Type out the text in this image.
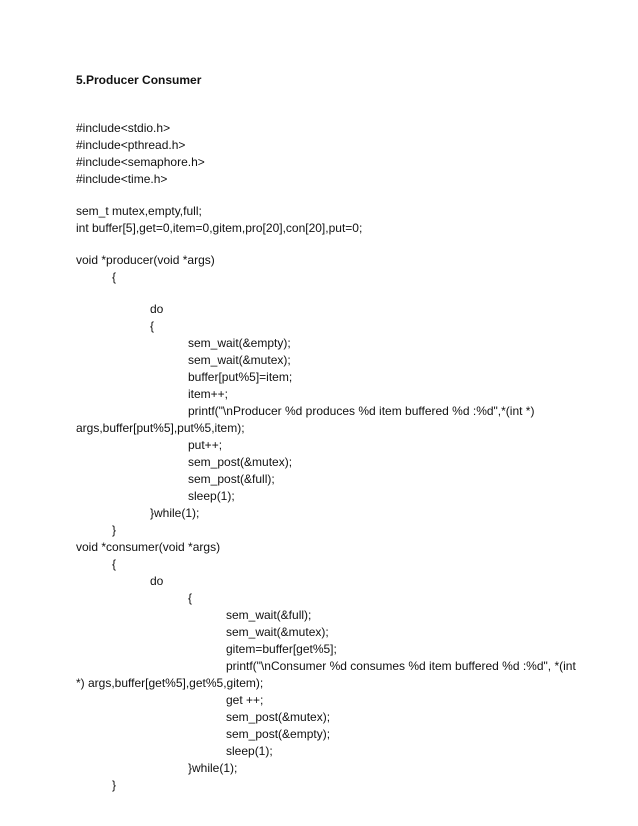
5.Producer Consumer
#include<stdio.h>
#include<pthread.h>
#include<semaphore.h>
#include<time.h>
sem_t mutex,empty,full;
int buffer[5],get=0,item=0,gitem,pro[20],con[20],put=0;
void *producer(void *args)
{
do
{
sem_wait(&empty);
sem_wait(&mutex);
buffer[put%5]=item;
item++;
printf("\nProducer %d produces %d item buffered %d :%d",*(int *)
args,buffer[put%5],put%5,item);
put++;
sem_post(&mutex);
sem_post(&full);
sleep(1);
}while(1);
}
void *consumer(void *args)
{
do
{
sem_wait(&full);
sem_wait(&mutex);
gitem=buffer[get%5];
printf("\nConsumer %d consumes %d item buffered %d :%d", *(int
*) args,buffer[get%5],get%5,gitem);
get ++;
sem_post(&mutex);
sem_post(&empty);
sleep(1);
}while(1);
}
